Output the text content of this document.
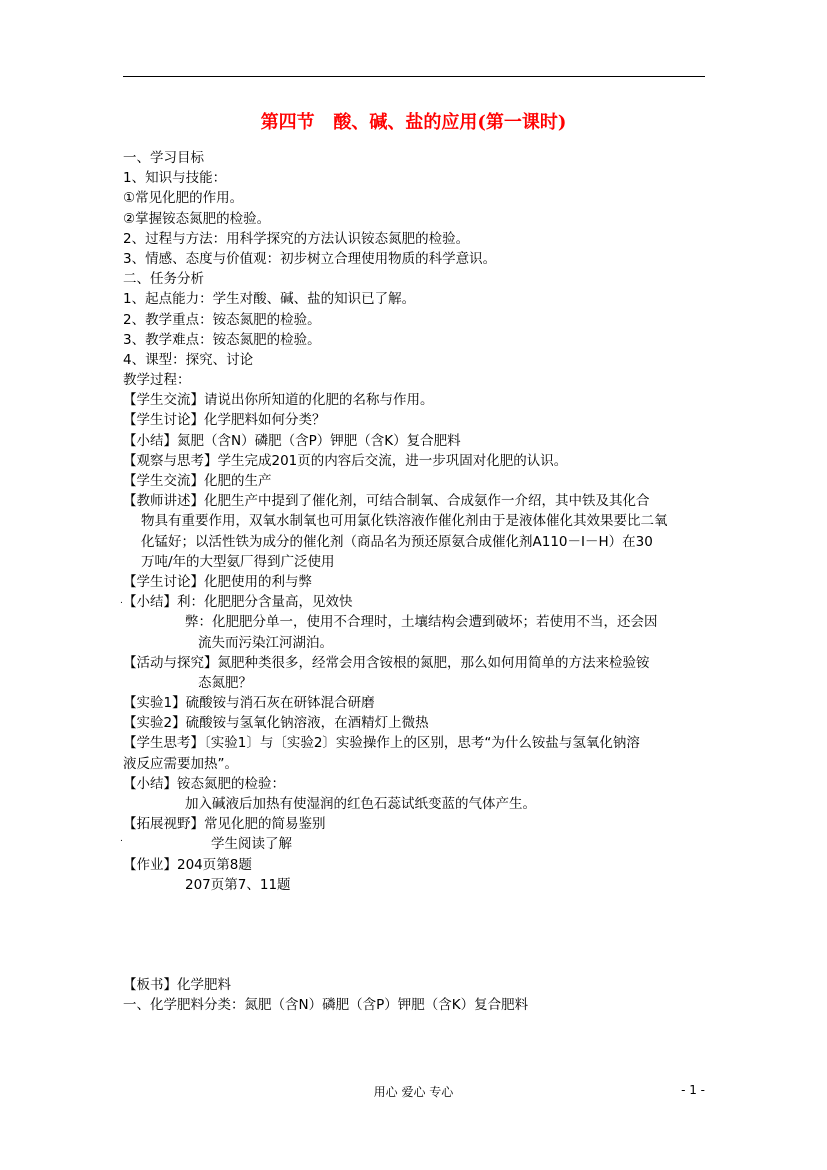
第四节   酸、碱、盐的应用(第一课时)
一、学习目标
1、知识与技能：
①常见化肥的作用。
②掌握铵态氮肥的检验。
2、过程与方法：用科学探究的方法认识铵态氮肥的检验。
3、情感、态度与价值观：初步树立合理使用物质的科学意识。
二、任务分析
1、起点能力：学生对酸、碱、盐的知识已了解。
2、教学重点：铵态氮肥的检验。
3、教学难点：铵态氮肥的检验。
4、课型：探究、讨论
教学过程：
【学生交流】请说出你所知道的化肥的名称与作用。
【学生讨论】化学肥料如何分类？
【小结】氮肥（含N）磷肥（含P）钾肥（含K）复合肥料
【观察与思考】学生完成201页的内容后交流，进一步巩固对化肥的认识。
【学生交流】化肥的生产
【教师讲述】化肥生产中提到了催化剂，可结合制氧、合成氨作一介绍，其中铁及其化合
物具有重要作用，双氧水制氧也可用氯化铁溶液作催化剂由于是液体催化其效果要比二氧
化锰好；以活性铁为成分的催化剂（商品名为预还原氨合成催化剂A110－Ⅰ－H）在30
万吨/年的大型氨厂得到广泛使用
【学生讨论】化肥使用的利与弊
【小结】利：化肥肥分含量高，见效快
弊：化肥肥分单一，使用不合理时，土壤结构会遭到破坏；若使用不当，还会因
流失而污染江河湖泊。
【活动与探究】氮肥种类很多，经常会用含铵根的氮肥，那么如何用简单的方法来检验铵
态氮肥？
【实验1】硫酸铵与消石灰在研钵混合研磨
【实验2】硫酸铵与氢氧化钠溶液，在酒精灯上微热
【学生思考】〔实验1〕与〔实验2〕实验操作上的区别，思考“为什么铵盐与氢氧化钠溶
液反应需要加热”。
【小结】铵态氮肥的检验：
加入碱液后加热有使湿润的红色石蕊试纸变蓝的气体产生。
【拓展视野】常见化肥的简易鉴别
学生阅读了解
【作业】204页第8题
207页第7、11题
【板书】化学肥料
一、化学肥料分类：氮肥（含N）磷肥（含P）钾肥（含K）复合肥料
.
.
用心 爱心 专心	- 1 -
